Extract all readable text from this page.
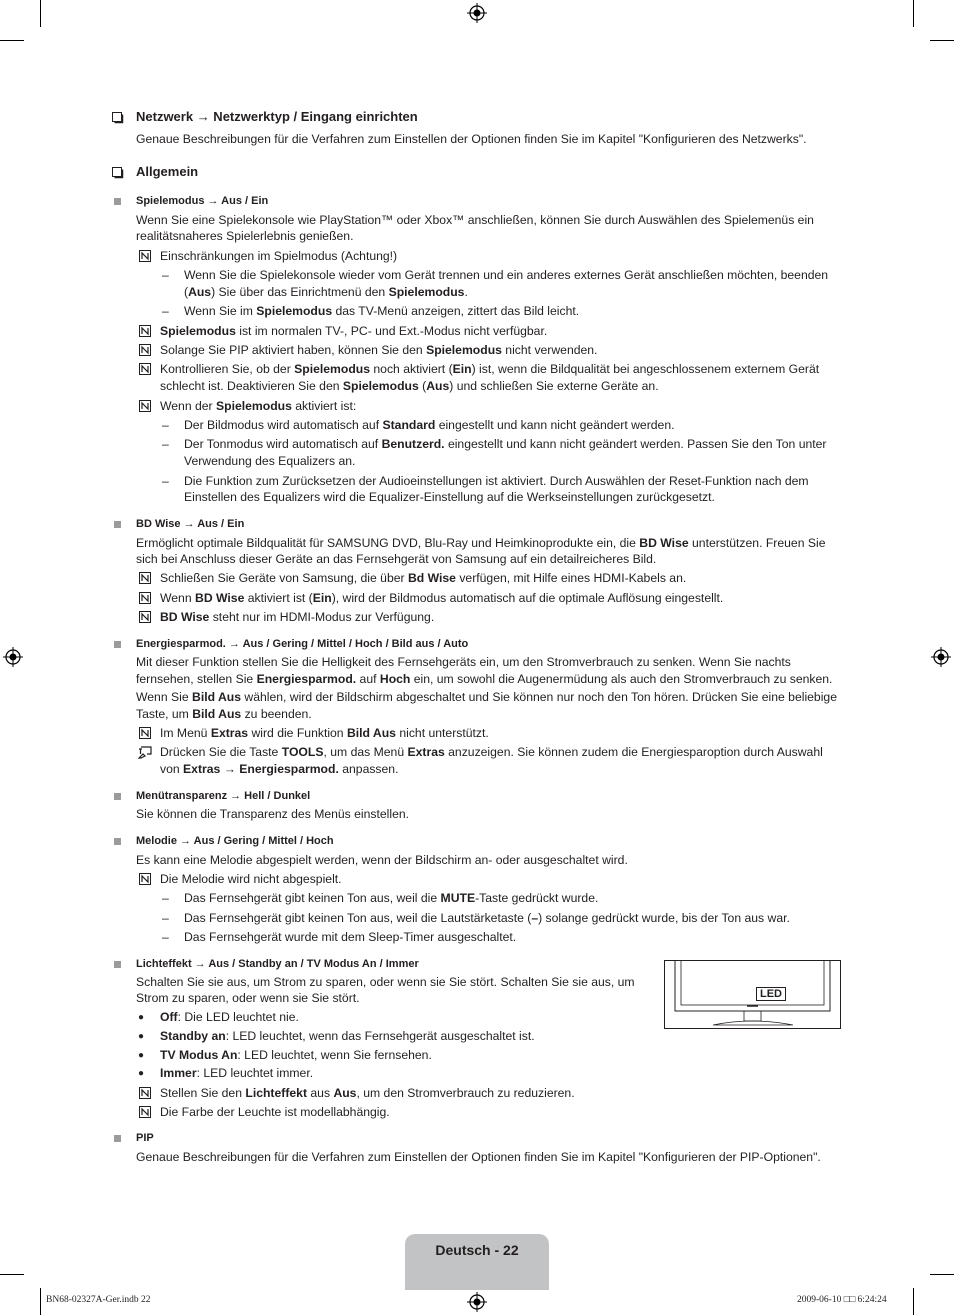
Netzwerk → Netzwerktyp / Eingang einrichten
Genaue Beschreibungen für die Verfahren zum Einstellen der Optionen finden Sie im Kapitel "Konfigurieren des Netzwerks".
Allgemein
Spielemodus → Aus / Ein
Wenn Sie eine Spielekonsole wie PlayStation™ oder Xbox™ anschließen, können Sie durch Auswählen des Spielemenüs ein
realitätsnaheres Spielerlebnis genießen.
Einschränkungen im Spielmodus (Achtung!)
– Wenn Sie die Spielekonsole wieder vom Gerät trennen und ein anderes externes Gerät anschließen möchten, beenden
(Aus) Sie über das Einrichtmenü den Spielemodus.
– Wenn Sie im Spielemodus das TV-Menü anzeigen, zittert das Bild leicht.
Spielemodus ist im normalen TV-, PC- und Ext.-Modus nicht verfügbar.
Solange Sie PIP aktiviert haben, können Sie den Spielemodus nicht verwenden.
Kontrollieren Sie, ob der Spielemodus noch aktiviert (Ein) ist, wenn die Bildqualität bei angeschlossenem externem Gerät
schlecht ist. Deaktivieren Sie den Spielemodus (Aus) und schließen Sie externe Geräte an.
Wenn der Spielemodus aktiviert ist:
– Der Bildmodus wird automatisch auf Standard eingestellt und kann nicht geändert werden.
– Der Tonmodus wird automatisch auf Benutzerd. eingestellt und kann nicht geändert werden. Passen Sie den Ton unter
Verwendung des Equalizers an.
– Die Funktion zum Zurücksetzen der Audioeinstellungen ist aktiviert. Durch Auswählen der Reset-Funktion nach dem
Einstellen des Equalizers wird die Equalizer-Einstellung auf die Werkseinstellungen zurückgesetzt.
BD Wise → Aus / Ein
Ermöglicht optimale Bildqualität für SAMSUNG DVD, Blu-Ray und Heimkinoprodukte ein, die BD Wise unterstützen. Freuen Sie
sich bei Anschluss dieser Geräte an das Fernsehgerät von Samsung auf ein detailreicheres Bild.
Schließen Sie Geräte von Samsung, die über Bd Wise verfügen, mit Hilfe eines HDMI-Kabels an.
Wenn BD Wise aktiviert ist (Ein), wird der Bildmodus automatisch auf die optimale Auflösung eingestellt.
BD Wise steht nur im HDMI-Modus zur Verfügung.
Energiesparmod. → Aus / Gering / Mittel / Hoch / Bild aus / Auto
Mit dieser Funktion stellen Sie die Helligkeit des Fernsehgeräts ein, um den Stromverbrauch zu senken. Wenn Sie nachts
fernsehen, stellen Sie Energiesparmod. auf Hoch ein, um sowohl die Augenermüdung als auch den Stromverbrauch zu senken.
Wenn Sie Bild Aus wählen, wird der Bildschirm abgeschaltet und Sie können nur noch den Ton hören. Drücken Sie eine beliebige
Taste, um Bild Aus zu beenden.
Im Menü Extras wird die Funktion Bild Aus nicht unterstützt.
Drücken Sie die Taste TOOLS, um das Menü Extras anzuzeigen. Sie können zudem die Energiesparoption durch Auswahl
von Extras → Energiesparmod. anpassen.
Menütransparenz → Hell / Dunkel
Sie können die Transparenz des Menüs einstellen.
Melodie → Aus / Gering / Mittel / Hoch
Es kann eine Melodie abgespielt werden, wenn der Bildschirm an- oder ausgeschaltet wird.
Die Melodie wird nicht abgespielt.
– Das Fernsehgerät gibt keinen Ton aus, weil die MUTE-Taste gedrückt wurde.
– Das Fernsehgerät gibt keinen Ton aus, weil die Lautstärketaste (–) solange gedrückt wurde, bis der Ton aus war.
– Das Fernsehgerät wurde mit dem Sleep-Timer ausgeschaltet.
Lichteffekt → Aus / Standby an / TV Modus An / Immer
Schalten Sie sie aus, um Strom zu sparen, oder wenn sie Sie stört. Schalten Sie sie aus, um
Strom zu sparen, oder wenn sie Sie stört.
● Off: Die LED leuchtet nie.
● Standby an: LED leuchtet, wenn das Fernsehgerät ausgeschaltet ist.
● TV Modus An: LED leuchtet, wenn Sie fernsehen.
● Immer: LED leuchtet immer.
Stellen Sie den Lichteffekt aus Aus, um den Stromverbrauch zu reduzieren.
Die Farbe der Leuchte ist modellabhängig.
LED
PIP
Genaue Beschreibungen für die Verfahren zum Einstellen der Optionen finden Sie im Kapitel "Konfigurieren der PIP-Optionen".
Deutsch - 22
BN68-02327A-Ger.indb 22	2009-06-10 □□ 6:24:24
